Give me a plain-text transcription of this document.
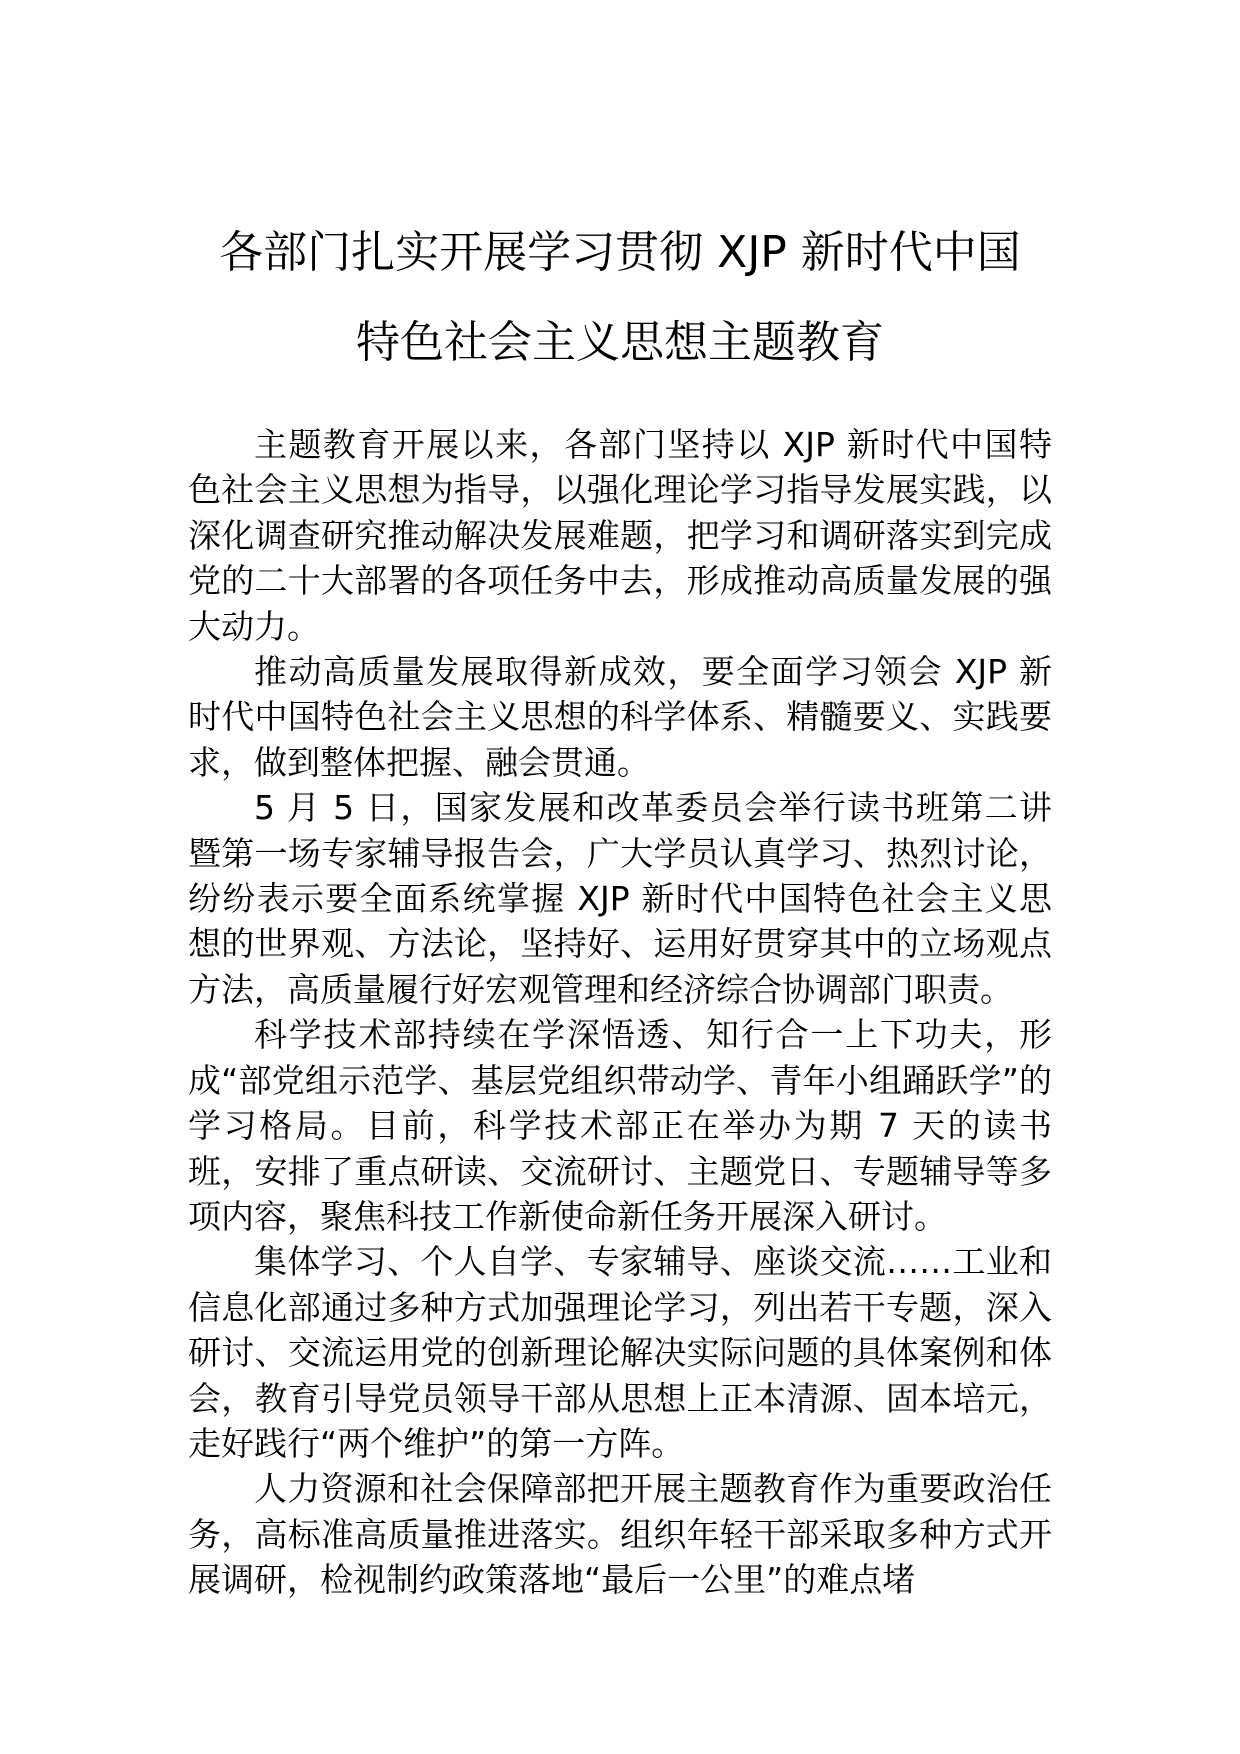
各部门扎实开展学习贯彻 XJP 新时代中国
特色社会主义思想主题教育

主题教育开展以来，各部门坚持以 XJP 新时代中国特色社会主义思想为指导，以强化理论学习指导发展实践，以深化调查研究推动解决发展难题，把学习和调研落实到完成党的二十大部署的各项任务中去，形成推动高质量发展的强大动力。

推动高质量发展取得新成效，要全面学习领会 XJP 新时代中国特色社会主义思想的科学体系、精髓要义、实践要求，做到整体把握、融会贯通。

5 月 5 日，国家发展和改革委员会举行读书班第二讲暨第一场专家辅导报告会，广大学员认真学习、热烈讨论，纷纷表示要全面系统掌握 XJP 新时代中国特色社会主义思想的世界观、方法论，坚持好、运用好贯穿其中的立场观点方法，高质量履行好宏观管理和经济综合协调部门职责。

科学技术部持续在学深悟透、知行合一上下功夫，形成“部党组示范学、基层党组织带动学、青年小组踊跃学”的学习格局。目前，科学技术部正在举办为期 7 天的读书班，安排了重点研读、交流研讨、主题党日、专题辅导等多项内容，聚焦科技工作新使命新任务开展深入研讨。

集体学习、个人自学、专家辅导、座谈交流……工业和信息化部通过多种方式加强理论学习，列出若干专题，深入研讨、交流运用党的创新理论解决实际问题的具体案例和体会，教育引导党员领导干部从思想上正本清源、固本培元，走好践行“两个维护”的第一方阵。

人力资源和社会保障部把开展主题教育作为重要政治任务，高标准高质量推进落实。组织年轻干部采取多种方式开展调研，检视制约政策落地“最后一公里”的难点堵
